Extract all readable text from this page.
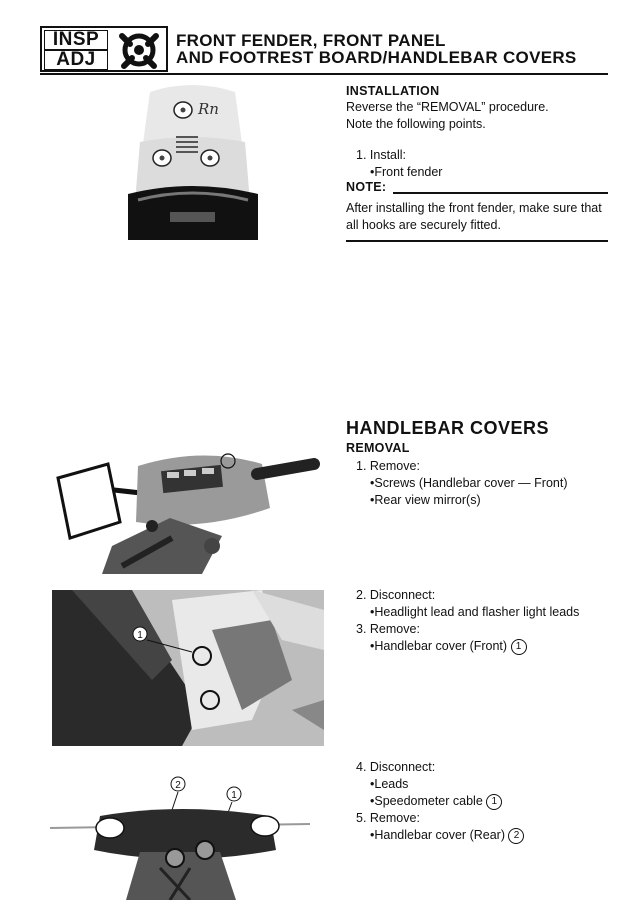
INSP
ADJ
FRONT FENDER, FRONT PANEL
AND FOOTREST BOARD/HANDLEBAR COVERS
Rn
1
2
1
INSTALLATION
Reverse the “REMOVAL” procedure.
Note the following points.
1. Install:
•Front fender
NOTE:
After installing the front fender, make sure that
all hooks are securely fitted.
HANDLEBAR COVERS
REMOVAL
1. Remove:
•Screws (Handlebar cover — Front)
•Rear view mirror(s)
2. Disconnect:
•Headlight lead and flasher light leads
3. Remove:
•Handlebar cover (Front) 1
4. Disconnect:
•Leads
•Speedometer cable 1
5. Remove:
•Handlebar cover (Rear) 2
